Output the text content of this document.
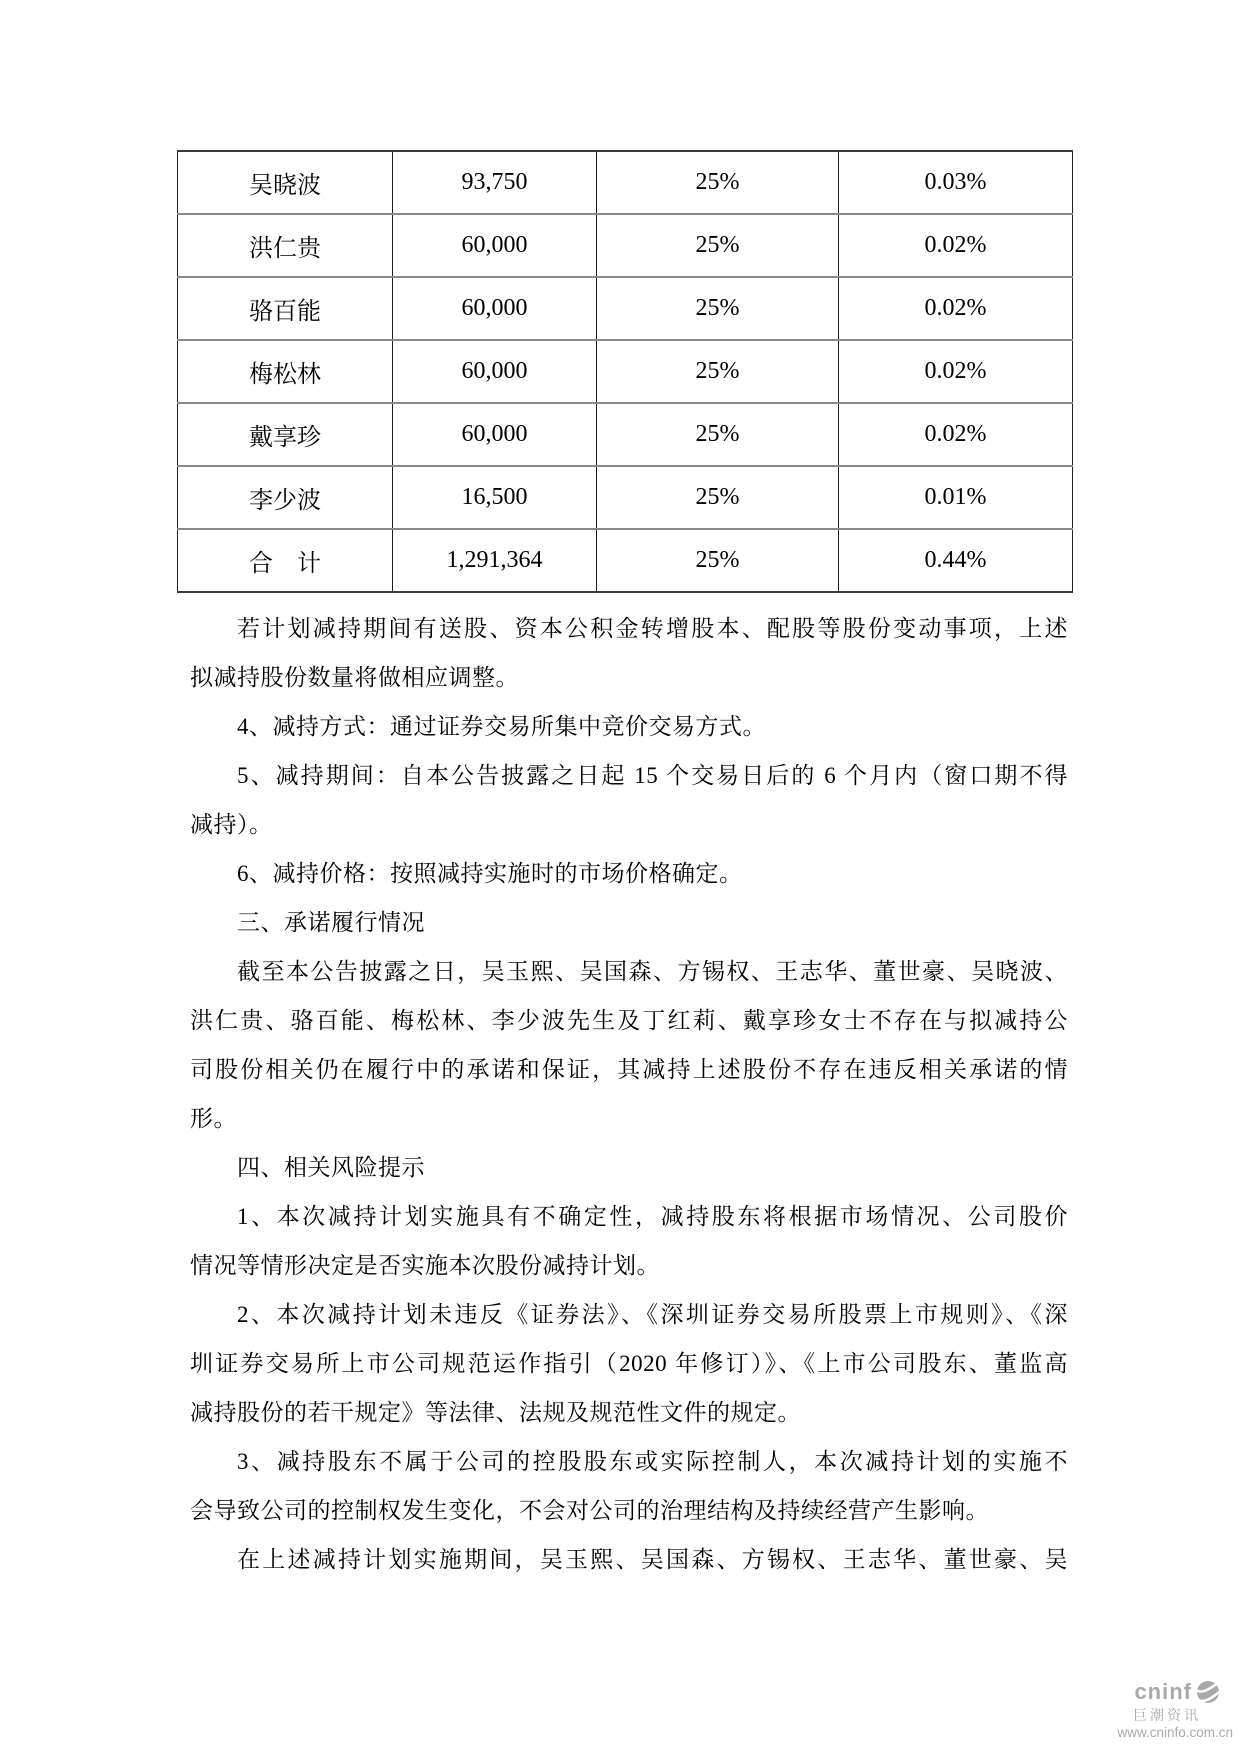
吴晓波	93,750	25%	0.03%
洪仁贵	60,000	25%	0.02%
骆百能	60,000	25%	0.02%
梅松林	60,000	25%	0.02%
戴享珍	60,000	25%	0.02%
李少波	16,500	25%	0.01%
合　计	1,291,364	25%	0.44%
若计划减持期间有送股、资本公积金转增股本、配股等股份变动事项，上述
拟减持股份数量将做相应调整。
4、减持方式：通过证券交易所集中竞价交易方式。
5、减持期间：自本公告披露之日起 15 个交易日后的 6 个月内（窗口期不得
减持）。
6、减持价格：按照减持实施时的市场价格确定。
三、承诺履行情况
截至本公告披露之日，吴玉熙、吴国森、方锡权、王志华、董世豪、吴晓波、
洪仁贵、骆百能、梅松林、李少波先生及丁红莉、戴享珍女士不存在与拟减持公
司股份相关仍在履行中的承诺和保证，其减持上述股份不存在违反相关承诺的情
形。
四、相关风险提示
1、本次减持计划实施具有不确定性，减持股东将根据市场情况、公司股价
情况等情形决定是否实施本次股份减持计划。
2、本次减持计划未违反《证券法》、《深圳证券交易所股票上市规则》、《深
圳证券交易所上市公司规范运作指引（2020 年修订）》、《上市公司股东、董监高
减持股份的若干规定》等法律、法规及规范性文件的规定。
3、减持股东不属于公司的控股股东或实际控制人，本次减持计划的实施不
会导致公司的控制权发生变化，不会对公司的治理结构及持续经营产生影响。
在上述减持计划实施期间，吴玉熙、吴国森、方锡权、王志华、董世豪、吴
cninf
巨潮资讯
www.cninfo.com.cn
